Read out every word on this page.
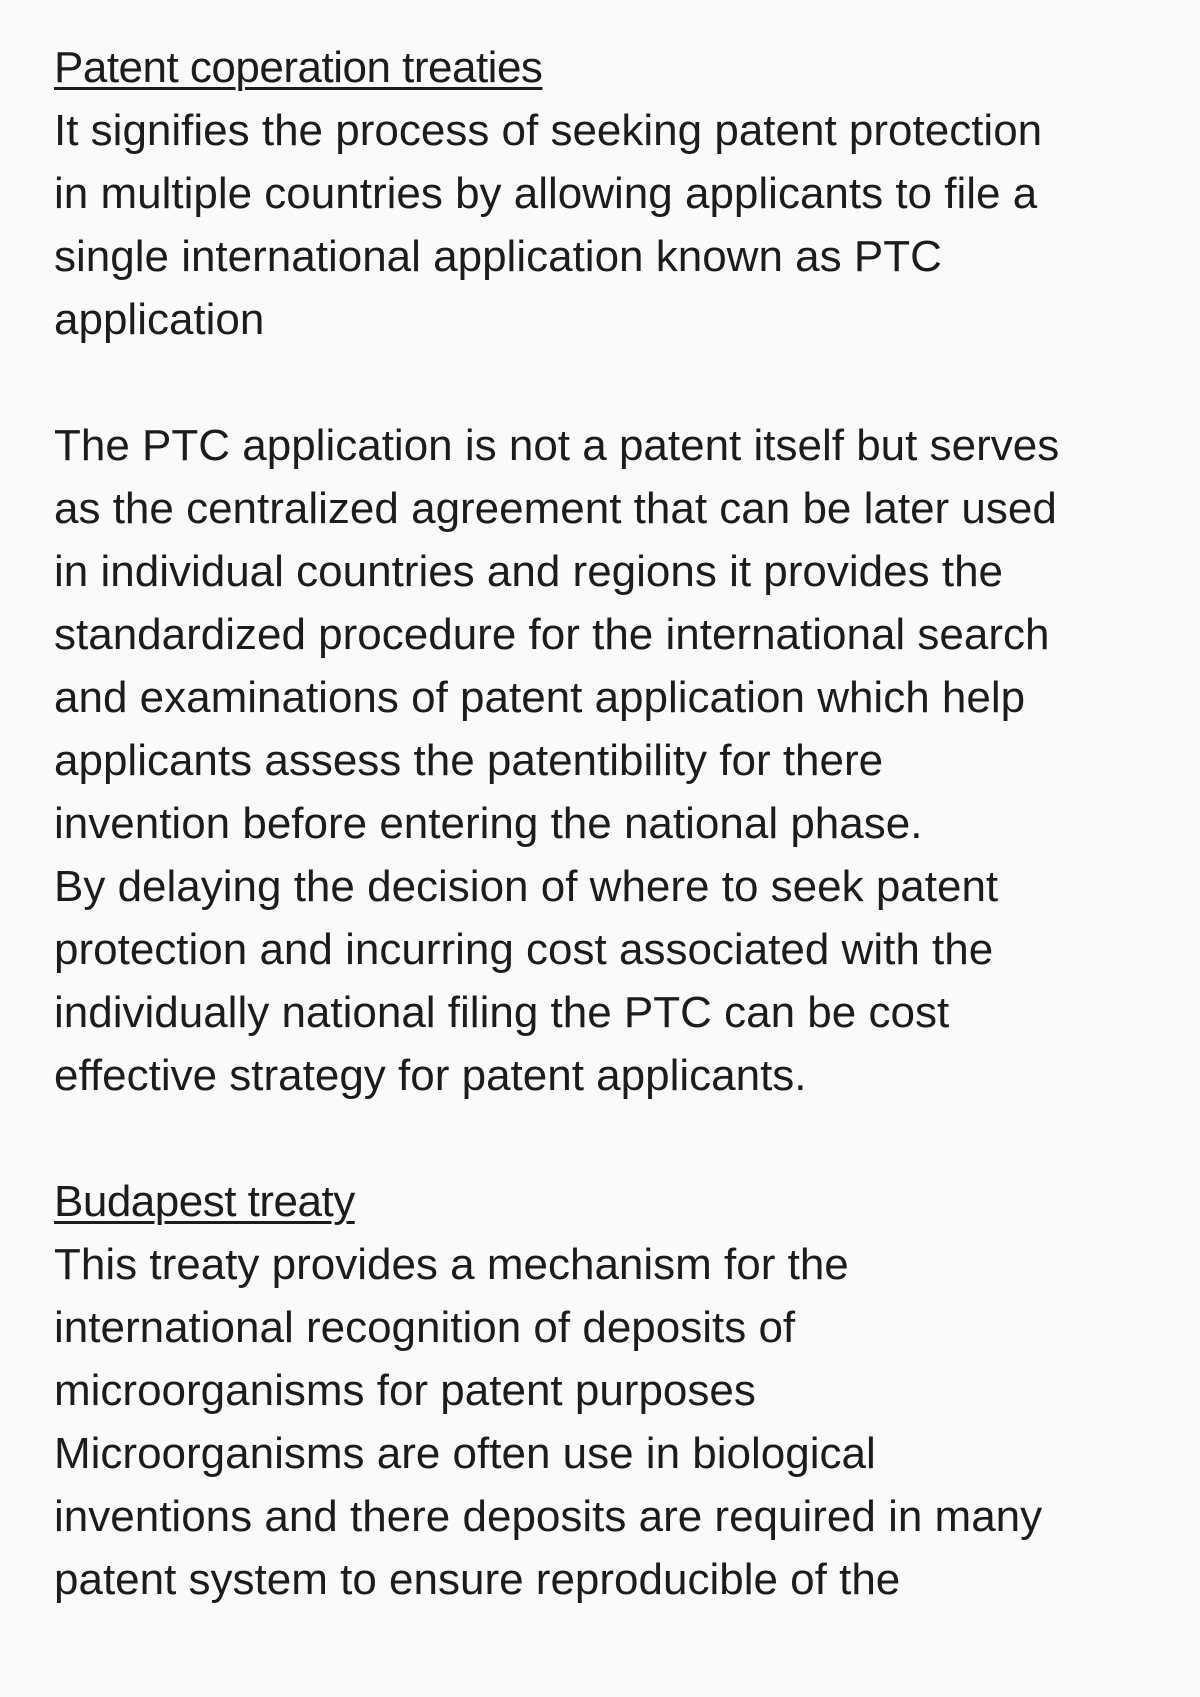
Patent coperation treaties
It signifies the process of seeking patent protection
in multiple countries by allowing applicants to file a
single international application known as PTC
application
The PTC application is not a patent itself but serves
as the centralized agreement that can be later used
in individual countries and regions it provides the
standardized procedure for the international search
and examinations of patent application which help
applicants assess the patentibility for there
invention before entering the national phase.
By delaying the decision of where to seek patent
protection and incurring cost associated with the
individually national filing the PTC can be cost
effective strategy for patent applicants.
Budapest treaty
This treaty provides a mechanism for the
international recognition of deposits of
microorganisms for patent purposes
Microorganisms are often use in biological
inventions and there deposits are required in many
patent system to ensure reproducible of the
